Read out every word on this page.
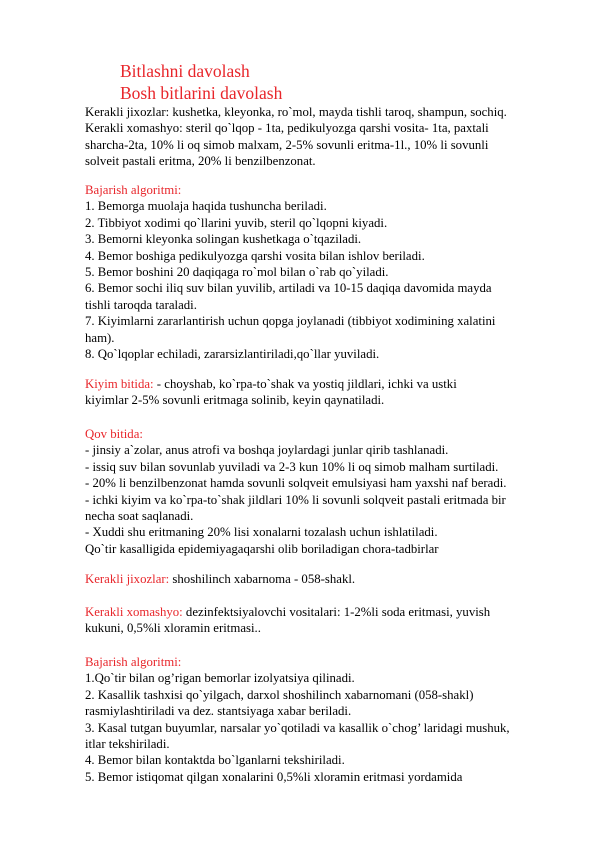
Bitlashni davolash
Bosh bitlarini davolash
Kerakli jixozlar: kushetka, kleyonka, ro`mol, mayda tishli taroq, shampun, sochiq.
Kerakli xomashyo: steril qo`lqop - 1ta, pedikulyozga qarshi vosita- 1ta, paxtali
sharcha-2ta, 10% li oq simob malxam, 2-5% sovunli eritma-1l., 10% li sovunli
solveit pastali eritma, 20% li benzilbenzonat.
Bajarish algoritmi:
1. Bemorga muolaja haqida tushuncha beriladi.
2. Tibbiyot xodimi qo`llarini yuvib, steril qo`lqopni kiyadi.
3. Bemorni kleyonka solingan kushetkaga o`tqaziladi.
4. Bemor boshiga pedikulyozga qarshi vosita bilan ishlov beriladi.
5. Bemor boshini 20 daqiqaga ro`mol bilan o`rab qo`yiladi.
6. Bemor sochi iliq suv bilan yuvilib, artiladi va 10-15 daqiqa davomida mayda
tishli taroqda taraladi.
7. Kiyimlarni zararlantirish uchun qopga joylanadi (tibbiyot xodimining xalatini
ham).
8. Qo`lqoplar echiladi, zararsizlantiriladi,qo`llar yuviladi.
Kiyim bitida: - choyshab, ko`rpa-to`shak va yostiq jildlari, ichki va ustki
kiyimlar 2-5% sovunli eritmaga solinib, keyin qaynatiladi.
Qov bitida:
- jinsiy a`zolar, anus atrofi va boshqa joylardagi junlar qirib tashlanadi.
- issiq suv bilan sovunlab yuviladi va 2-3 kun 10% li oq simob malham surtiladi.
- 20% li benzilbenzonat hamda sovunli solqveit emulsiyasi ham yaxshi naf beradi.
- ichki kiyim va ko`rpa-to`shak jildlari 10% li sovunli solqveit pastali eritmada bir
necha soat saqlanadi.
- Xuddi shu eritmaning 20% lisi xonalarni tozalash uchun ishlatiladi.
Qo`tir kasalligida epidemiyagaqarshi olib boriladigan chora-tadbirlar
Kerakli jixozlar: shoshilinch xabarnoma - 058-shakl.
Kerakli xomashyo: dezinfektsiyalovchi vositalari: 1-2%li soda eritmasi, yuvish
kukuni, 0,5%li xloramin eritmasi..
Bajarish algoritmi:
1.Qo`tir bilan og’rigan bemorlar izolyatsiya qilinadi.
2. Kasallik tashxisi qo`yilgach, darxol shoshilinch xabarnomani (058-shakl)
rasmiylashtiriladi va dez. stantsiyaga xabar beriladi.
3. Kasal tutgan buyumlar, narsalar yo`qotiladi va kasallik o`chog’ laridagi mushuk,
itlar tekshiriladi.
4. Bemor bilan kontaktda bo`lganlarni tekshiriladi.
5. Bemor istiqomat qilgan xonalarini 0,5%li xloramin eritmasi yordamida
